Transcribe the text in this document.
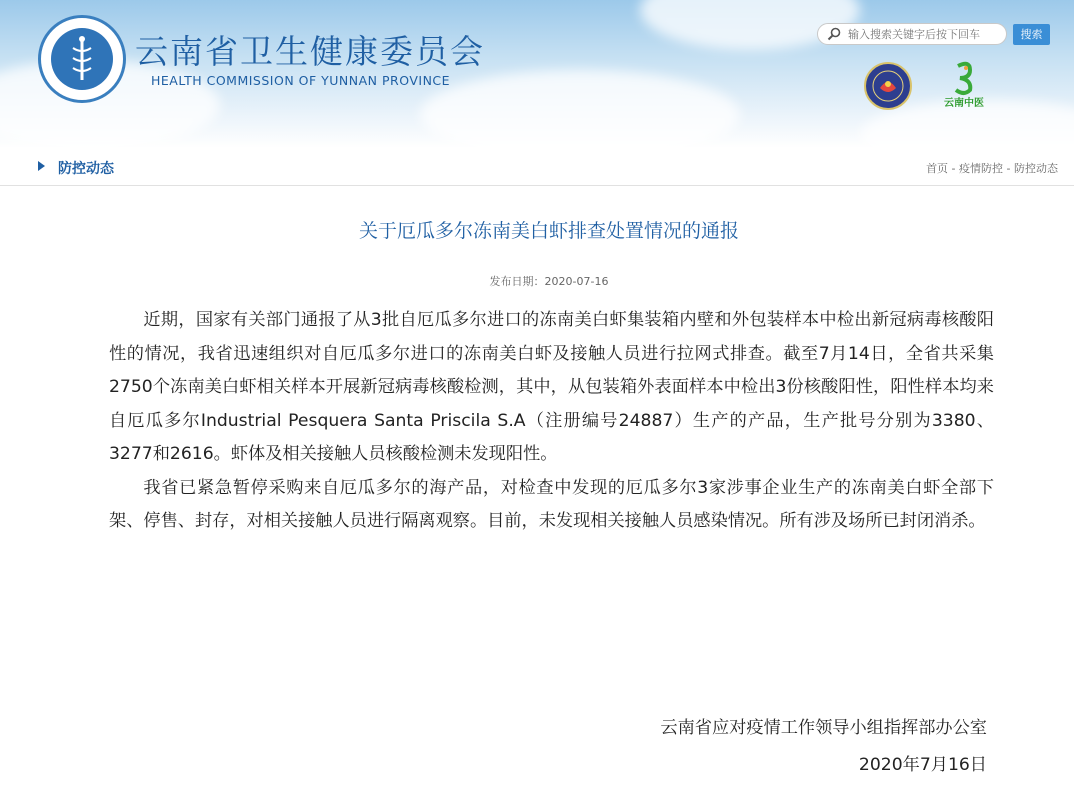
云南省卫生健康委员会
HEALTH COMMISSION OF YUNNAN PROVINCE
输入搜索关键字后按下回车
搜索
云南中医
防控动态	首页 - 疫情防控 - 防控动态
关于厄瓜多尔冻南美白虾排查处置情况的通报
发布日期：2020-07-16

近期，国家有关部门通报了从3批自厄瓜多尔进口的冻南美白虾集装箱内壁和外包装样本中检出新冠病毒核酸阳性的情况，我省迅速组织对自厄瓜多尔进口的冻南美白虾及接触人员进行拉网式排查。截至7月14日，全省共采集2750个冻南美白虾相关样本开展新冠病毒核酸检测，其中，从包装箱外表面样本中检出3份核酸阳性，阳性样本均来自厄瓜多尔Industrial Pesquera Santa Priscila S.A（注册编号24887）生产的产品，生产批号分别为3380、3277和2616。虾体及相关接触人员核酸检测未发现阳性。

我省已紧急暂停采购来自厄瓜多尔的海产品，对检查中发现的厄瓜多尔3家涉事企业生产的冻南美白虾全部下架、停售、封存，对相关接触人员进行隔离观察。目前，未发现相关接触人员感染情况。所有涉及场所已封闭消杀。

云南省应对疫情工作领导小组指挥部办公室
2020年7月16日
